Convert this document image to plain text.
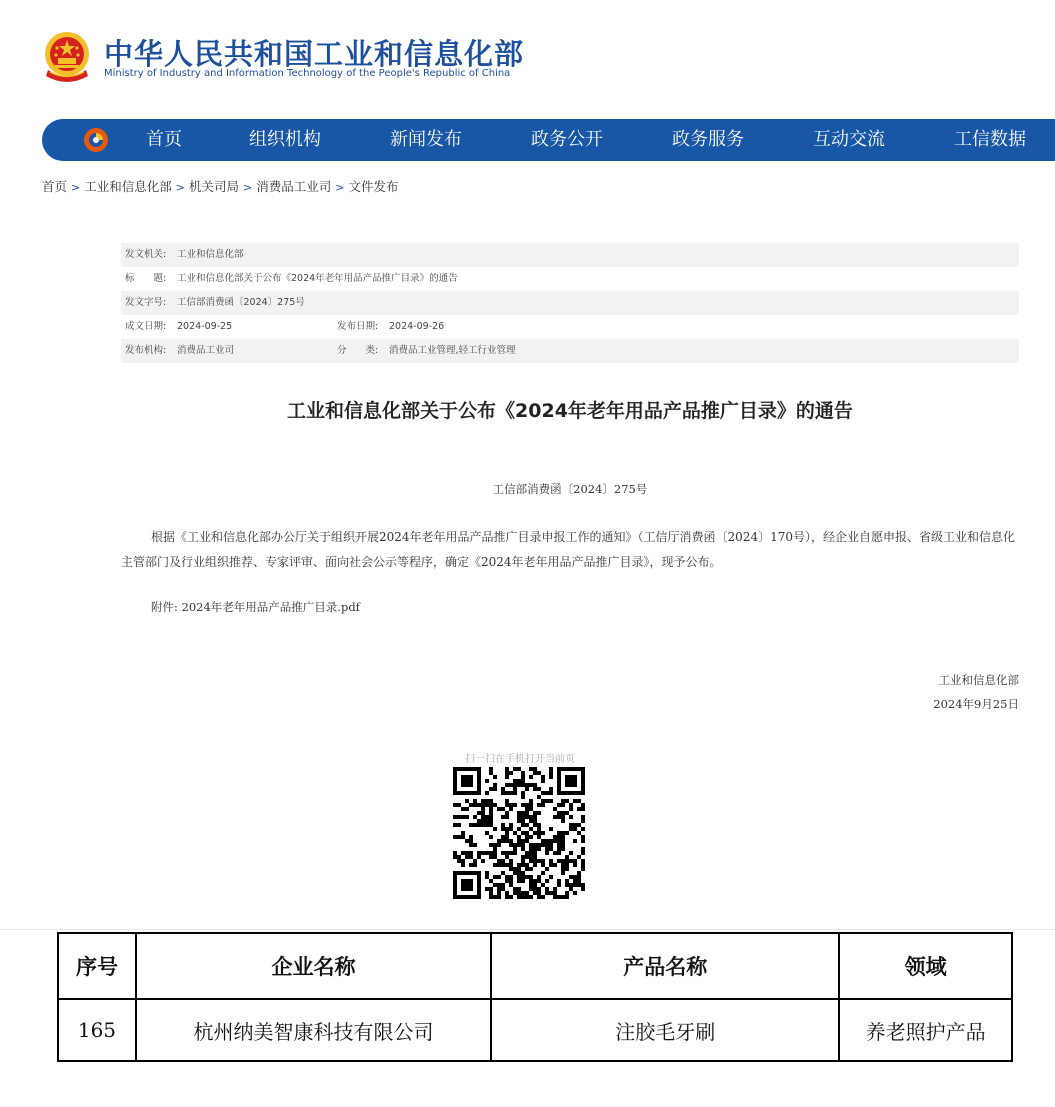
中华人民共和国工业和信息化部
Ministry of Industry and Information Technology of the People's Republic of China
首页	组织机构	新闻发布	政务公开	政务服务	互动交流	工信数据
首页 > 工业和信息化部 > 机关司局 > 消费品工业司 > 文件发布
发文机关: 工业和信息化部
标　　题: 工业和信息化部关于公布《2024年老年用品产品推广目录》的通告
发文字号: 工信部消费函〔2024〕275号
成文日期: 2024-09-25	发布日期: 2024-09-26
发布机构: 消费品工业司	分　　类: 消费品工业管理,轻工行业管理
工业和信息化部关于公布《2024年老年用品产品推广目录》的通告
工信部消费函〔2024〕275号
根据《工业和信息化部办公厅关于组织开展2024年老年用品产品推广目录申报工作的通知》（工信厅消费函〔2024〕170号），经企业自愿申报、省级工业和信息化主管部门及行业组织推荐、专家评审、面向社会公示等程序，确定《2024年老年用品产品推广目录》，现予公布。
附件: 2024年老年用品产品推广目录.pdf
工业和信息化部
2024年9月25日
扫一扫在手机打开当前页
序号	企业名称	产品名称	领域
165	杭州纳美智康科技有限公司	注胶毛牙刷	养老照护产品
